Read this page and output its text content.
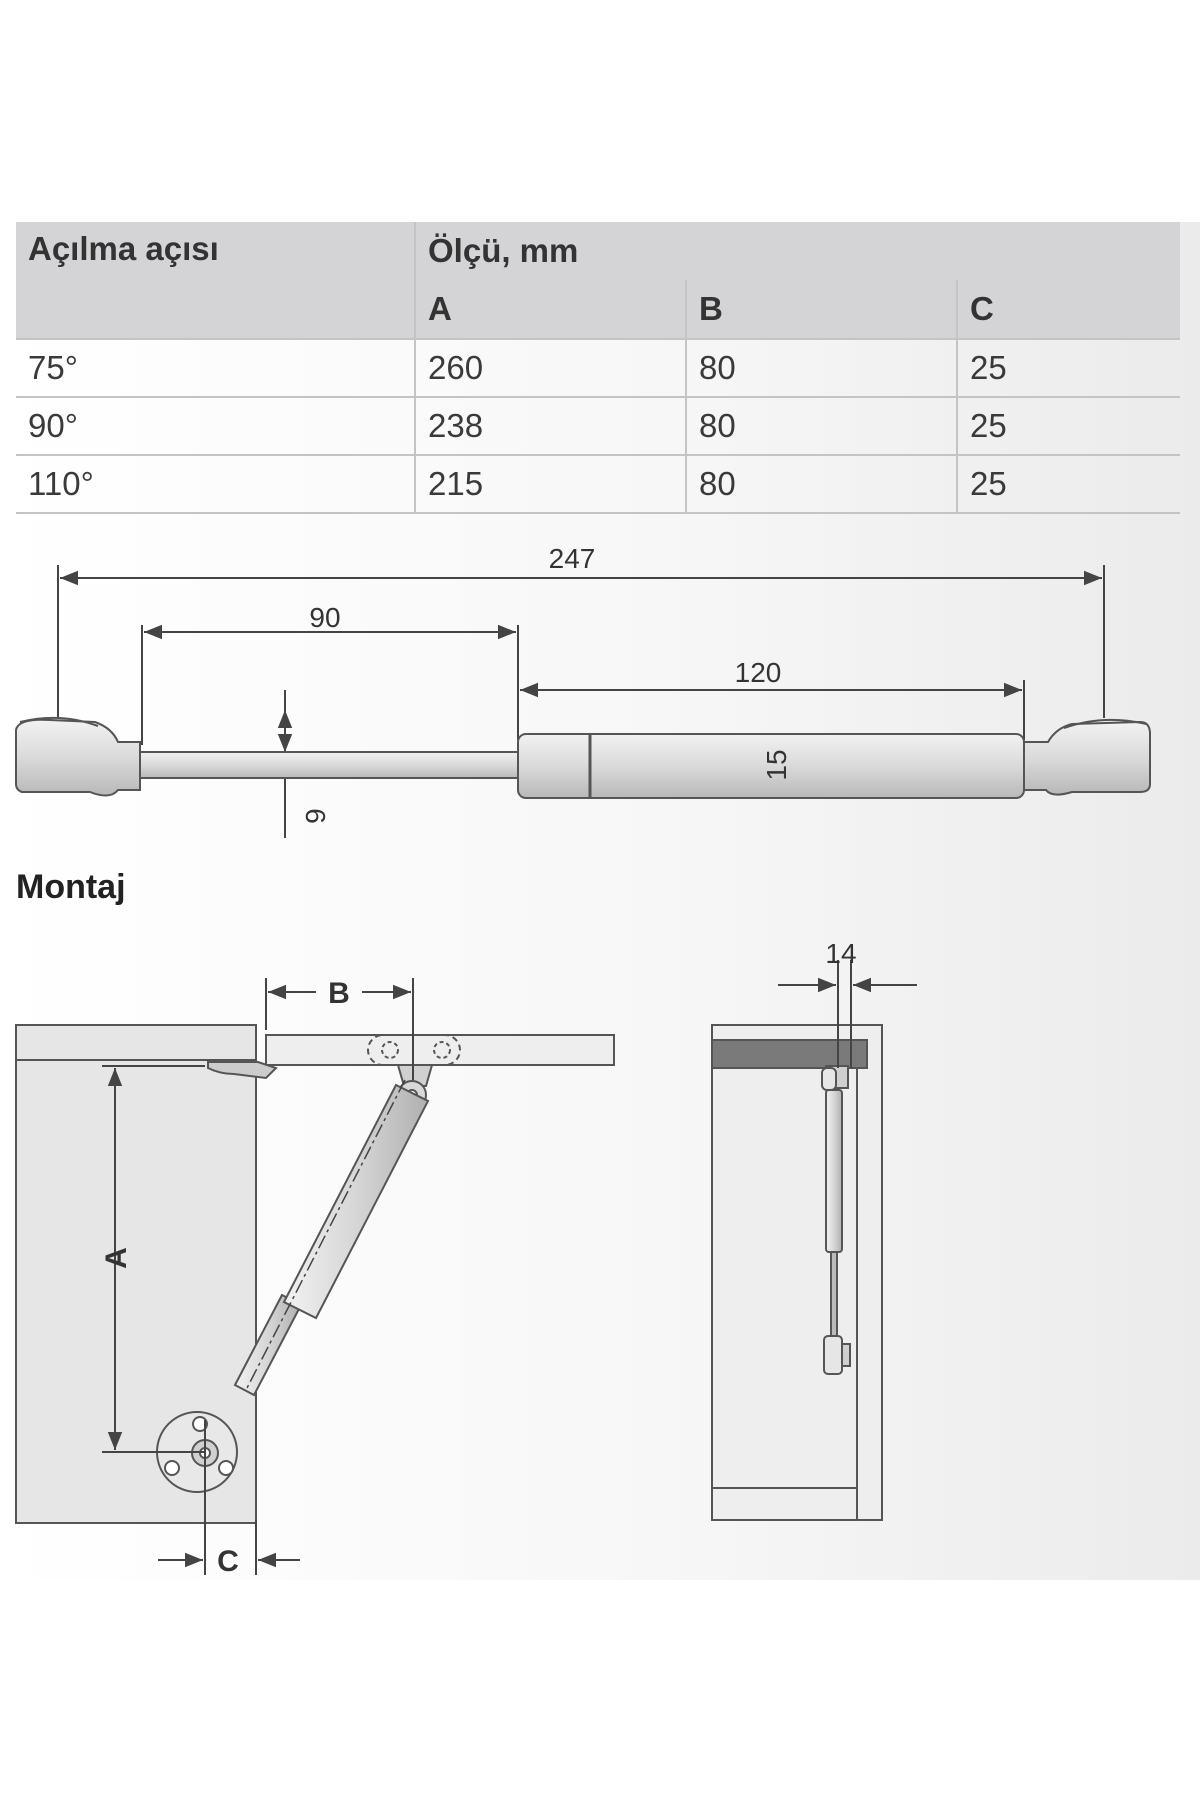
Açılma açısı	Ölçü, mm		
	A	B	C
75°	260	80	25
90°	238	80	25
110°	215	80	25
247
90
120
15
6
A
B
C
14
Montaj
